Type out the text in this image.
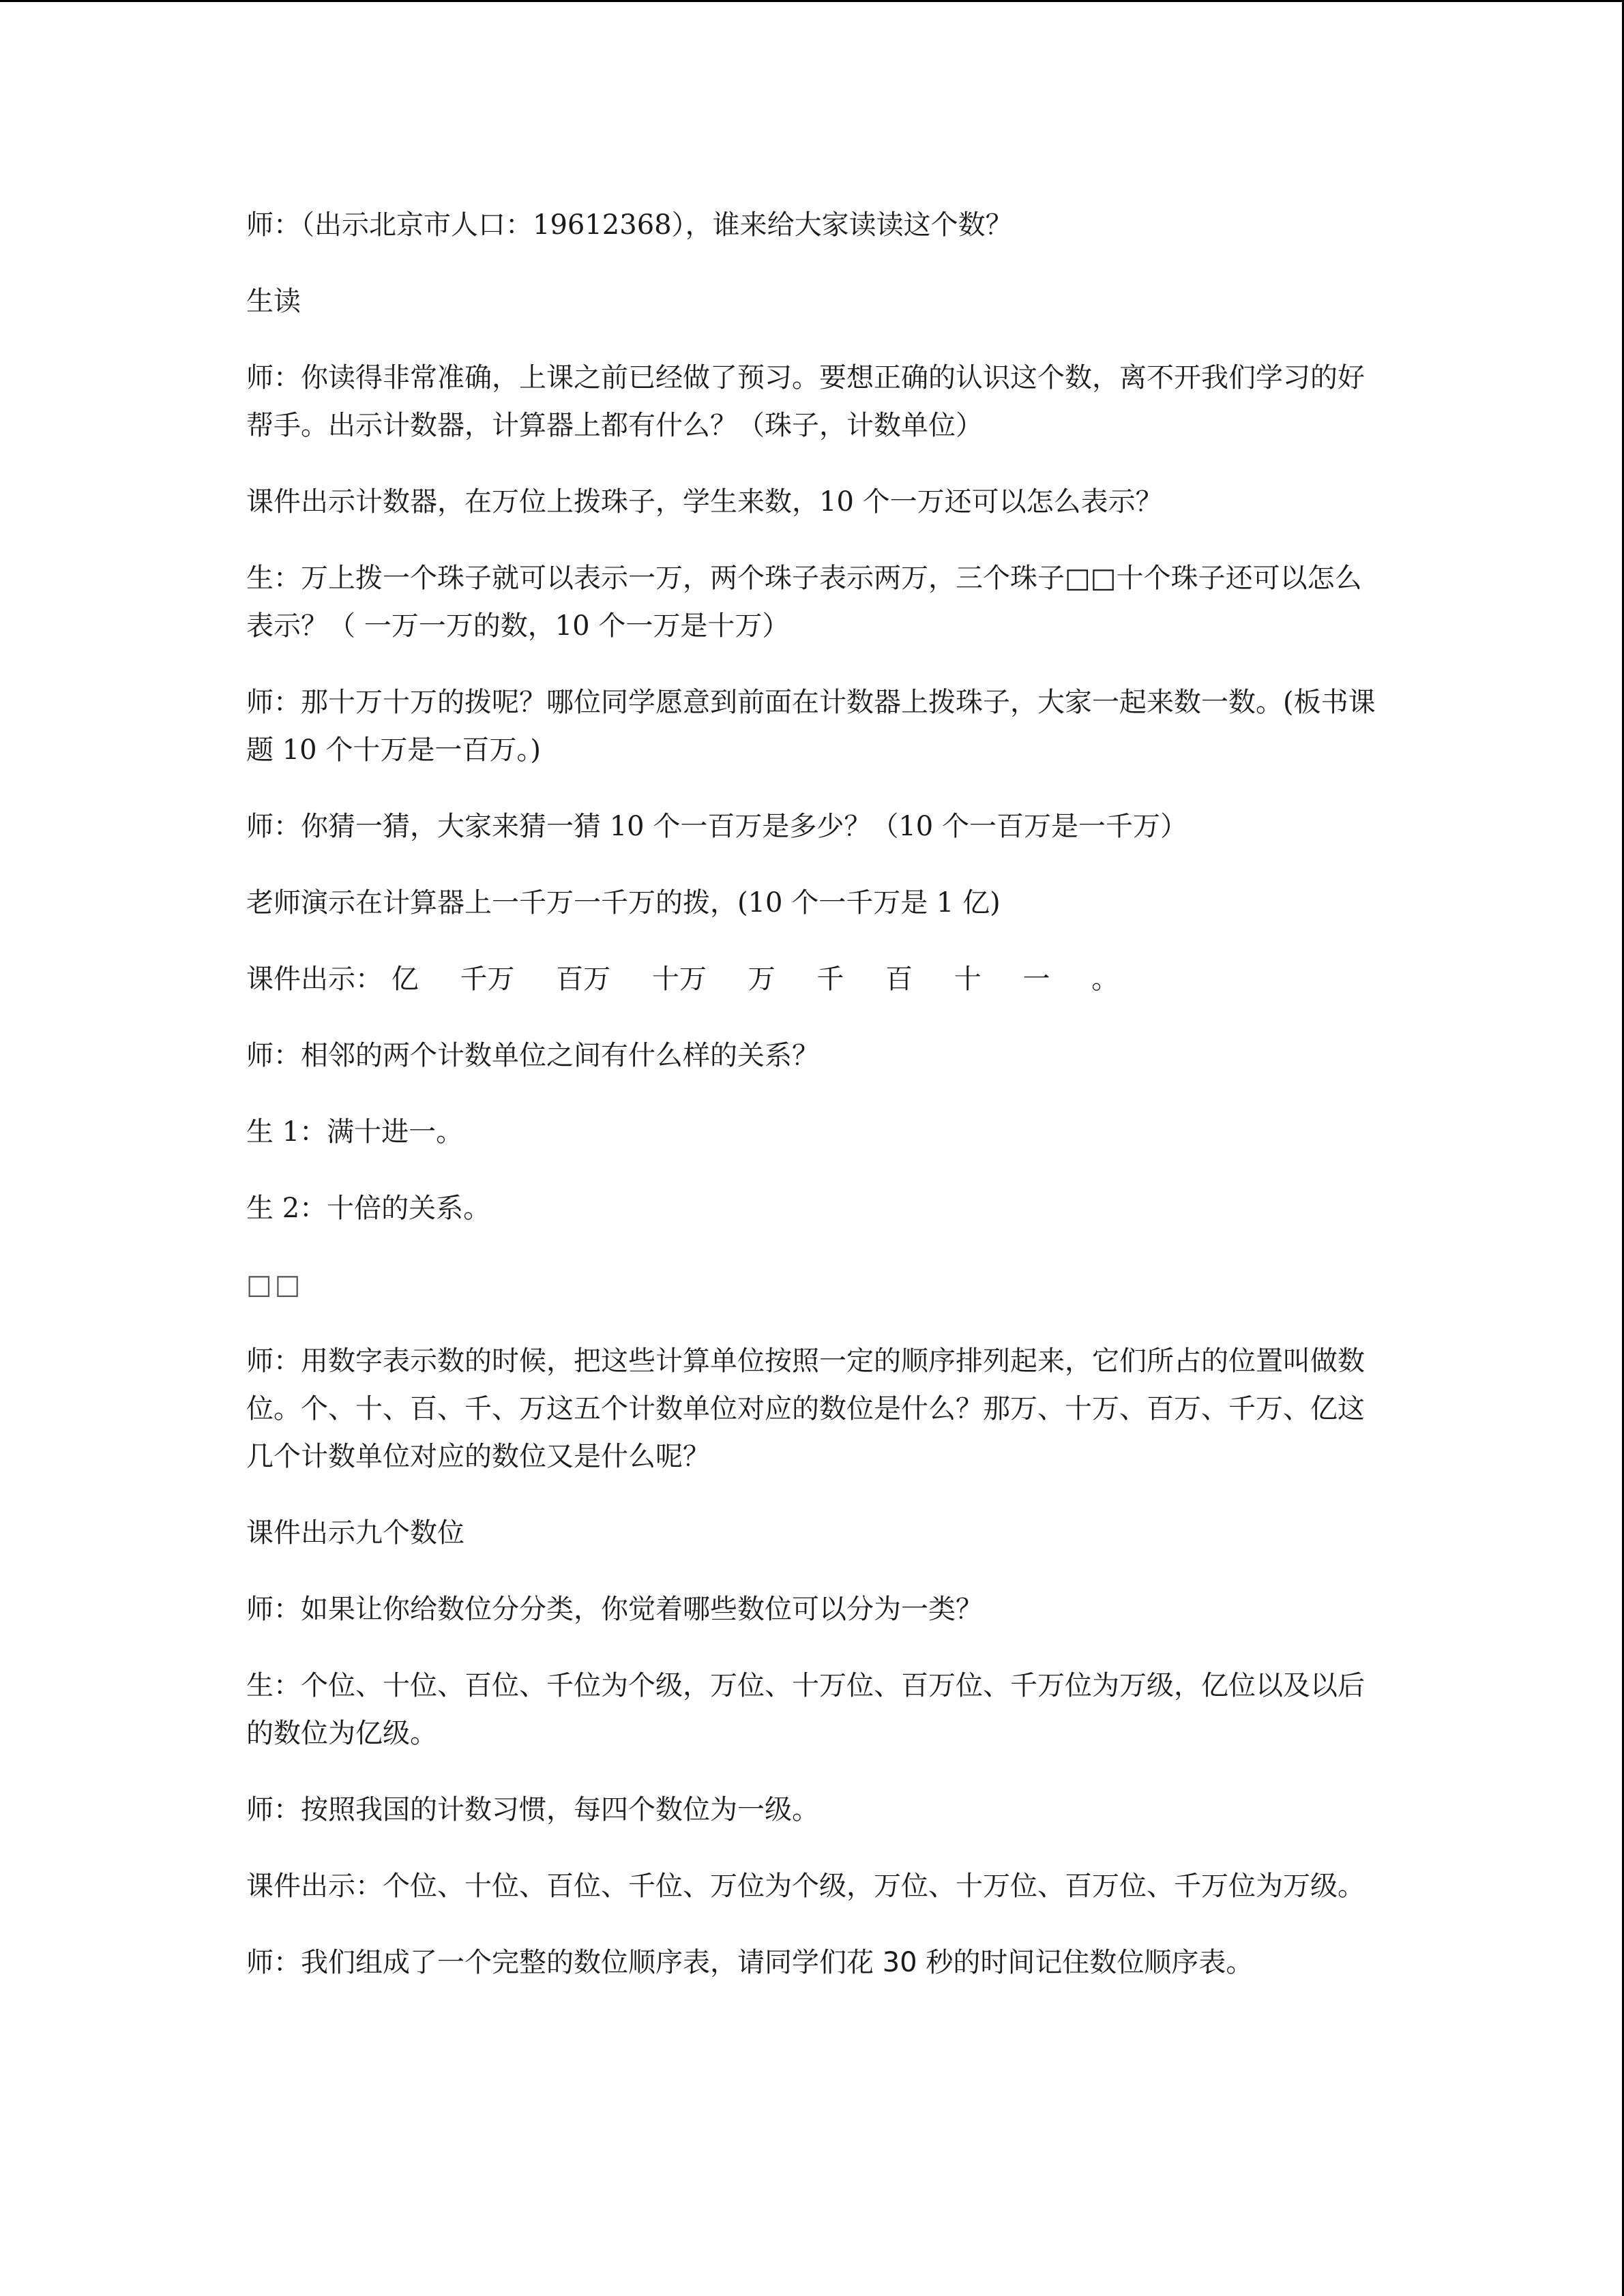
师：（出示北京市人口：19612368），谁来给大家读读这个数？

生读

师：你读得非常准确，上课之前已经做了预习。要想正确的认识这个数，离不开我们学习的好帮手。出示计数器，计算器上都有什么？（珠子，计数单位）

课件出示计数器，在万位上拨珠子，学生来数，10 个一万还可以怎么表示？

生：万上拨一个珠子就可以表示一万，两个珠子表示两万，三个珠子□□十个珠子还可以怎么表示？（ 一万一万的数，10 个一万是十万）

师：那十万十万的拨呢？哪位同学愿意到前面在计数器上拨珠子，大家一起来数一数。(板书课题 10 个十万是一百万。)

师：你猜一猜，大家来猜一猜 10 个一百万是多少？（10 个一百万是一千万）

老师演示在计算器上一千万一千万的拨，(10 个一千万是 1 亿)

课件出示： 亿 千万 百万 十万 万 千 百 十 一 。

师：相邻的两个计数单位之间有什么样的关系？

生 1：满十进一。

生 2：十倍的关系。

□□

师：用数字表示数的时候，把这些计算单位按照一定的顺序排列起来，它们所占的位置叫做数位。个、十、百、千、万这五个计数单位对应的数位是什么？那万、十万、百万、千万、亿这几个计数单位对应的数位又是什么呢？

课件出示九个数位

师：如果让你给数位分分类，你觉着哪些数位可以分为一类？

生：个位、十位、百位、千位为个级，万位、十万位、百万位、千万位为万级，亿位以及以后的数位为亿级。

师：按照我国的计数习惯，每四个数位为一级。

课件出示：个位、十位、百位、千位、万位为个级，万位、十万位、百万位、千万位为万级。

师：我们组成了一个完整的数位顺序表，请同学们花 30 秒的时间记住数位顺序表。
